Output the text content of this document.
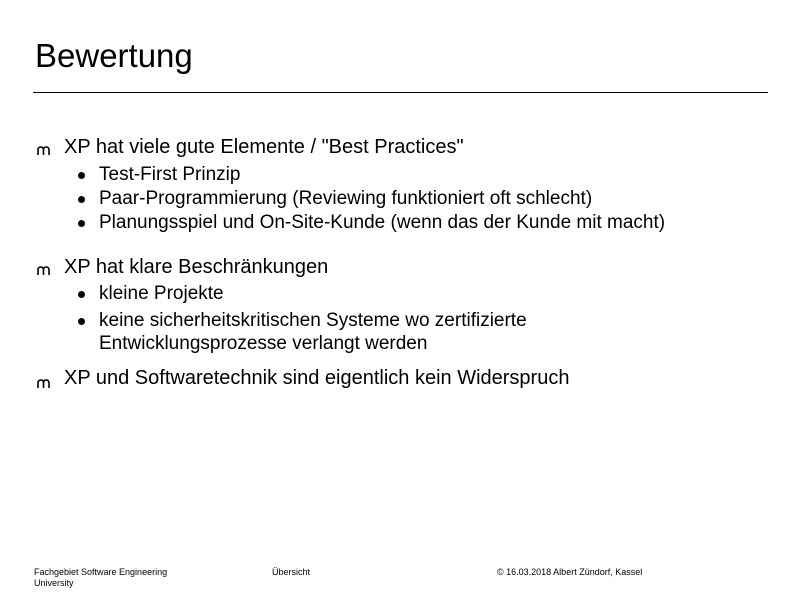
Bewertung
XP hat viele gute Elemente / "Best Practices"
Test-First Prinzip
Paar-Programmierung (Reviewing funktioniert oft schlecht)
Planungsspiel und On-Site-Kunde (wenn das der Kunde mit macht)
XP hat klare Beschränkungen
kleine Projekte
keine sicherheitskritischen Systeme wo zertifizierte
Entwicklungsprozesse verlangt werden
XP und Softwaretechnik sind eigentlich kein Widerspruch
Fachgebiet Software Engineering
University
Übersicht	© 16.03.2018 Albert Zündorf, Kassel
